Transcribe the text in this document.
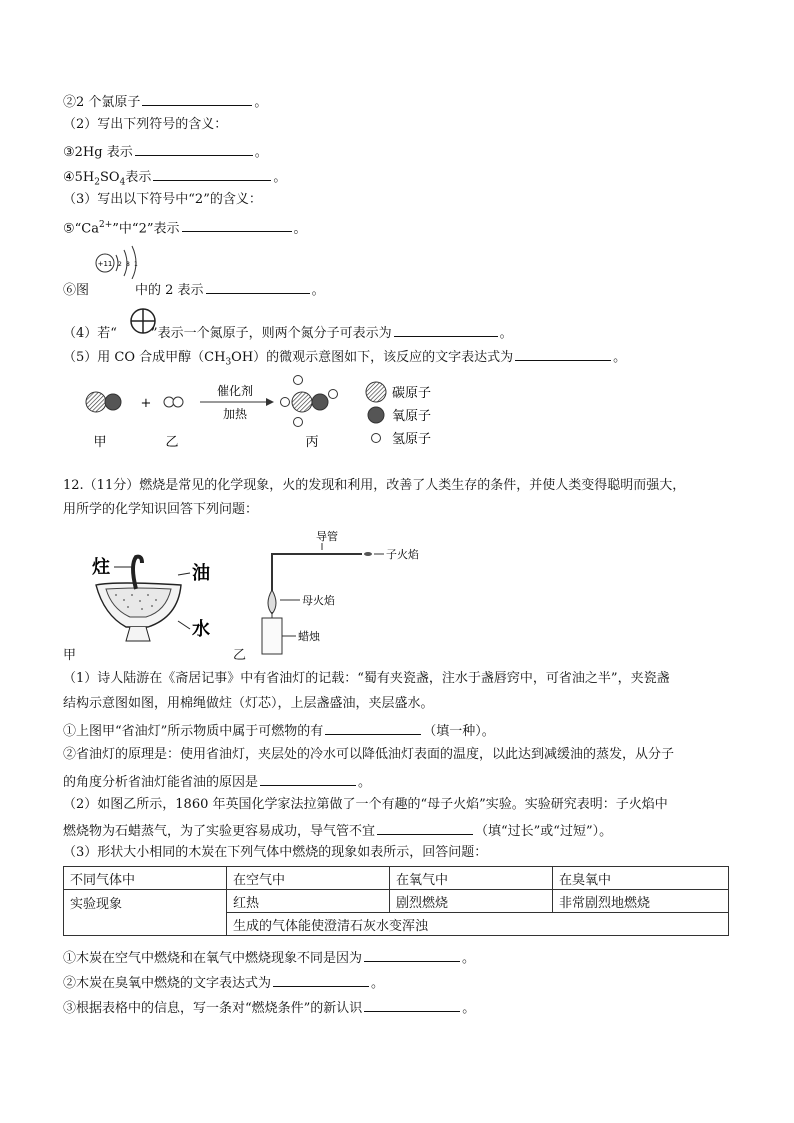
②2 个氯原子	。
（2）写出下列符号的含义：
③2Hg 表示	。
$④5H_2SO_4$表示	。
（3）写出以下符号中“2”的含义：
$⑤“Ca^{2+}$”中“2”表示	。
+11 2 8 1
⑥图	中的 2 表示	。
（4）若“	”表示一个氮原子，则两个氮分子可表示为	。
（5）用 CO 合成甲醇$(CH_3OH)$的微观示意图如下，该反应的文字表达式为	。
+
催化剂
加热
甲	乙	丙
碳原子
氧原子
氢原子
12.（11分）燃烧是常见的化学现象，火的发现和利用，改善了人类生存的条件，并使人类变得聪明而强大，
用所学的化学知识回答下列问题：
炷	油
水
甲
导管
子火焰
母火焰
蜡烛
乙
（1）诗人陆游在《斋居记事》中有省油灯的记载：“蜀有夹瓷盏，注水于盏唇窍中，可省油之半”，夹瓷盏
结构示意图如图，用棉绳做炷（灯芯），上层盏盛油，夹层盛水。
①上图甲“省油灯”所示物质中属于可燃物的有	（填一种）。
②省油灯的原理是：使用省油灯，夹层处的冷水可以降低油灯表面的温度，以此达到减缓油的蒸发，从分子
的角度分析省油灯能省油的原因是	。
（2）如图乙所示，1860 年英国化学家法拉第做了一个有趣的“母子火焰”实验。实验研究表明：子火焰中
燃烧物为石蜡蒸气，为了实验更容易成功，导气管不宜	（填“过长”或“过短”）。
（3）形状大小相同的木炭在下列气体中燃烧的现象如表所示，回答问题：
不同气体中	在空气中	在氧气中	在臭氧中
实验现象	红热	剧烈燃烧	非常剧烈地燃烧
	生成的气体能使澄清石灰水变浑浊		
①木炭在空气中燃烧和在氧气中燃烧现象不同是因为	。
②木炭在臭氧中燃烧的文字表达式为	。
③根据表格中的信息，写一条对“燃烧条件”的新认识	。
